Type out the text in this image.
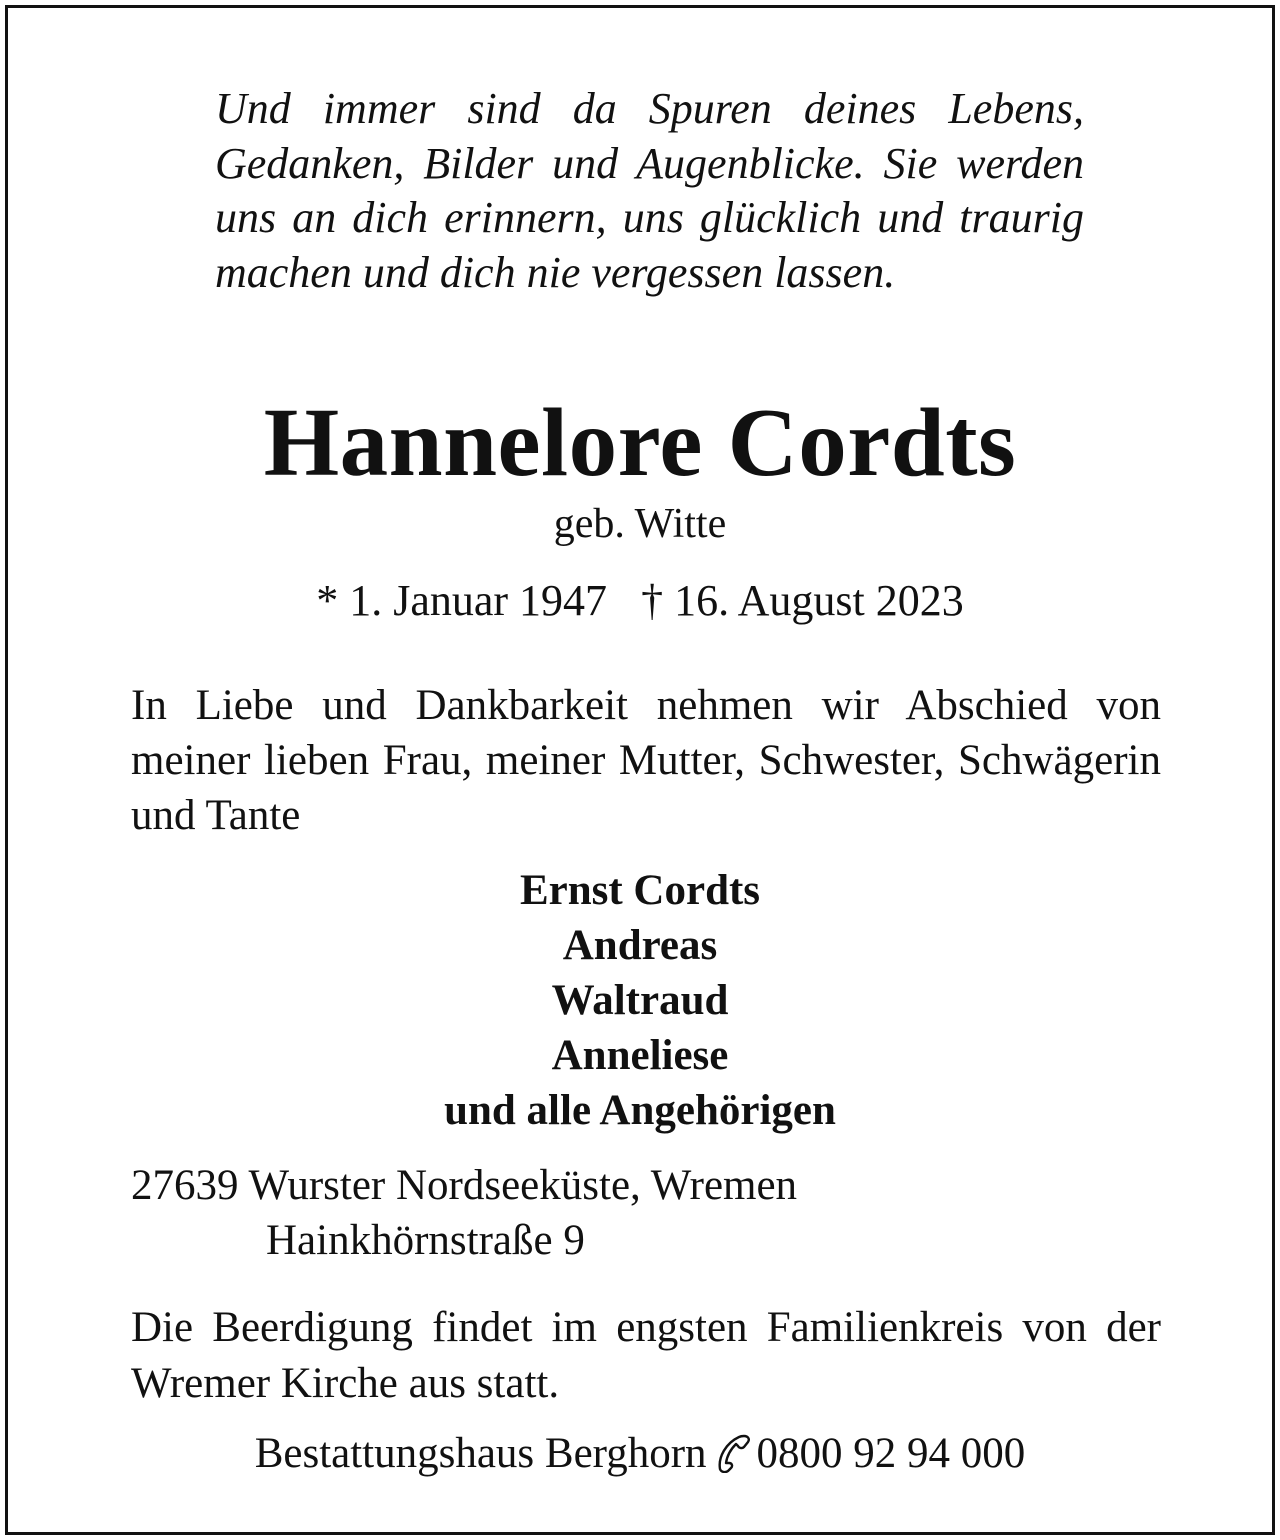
Und immer sind da Spuren deines Lebens, Gedanken, Bilder und Augenblicke. Sie werden uns an dich erinnern, uns glücklich und traurig machen und dich nie vergessen lassen.

Hannelore Cordts
geb. Witte
* 1. Januar 1947 † 16. August 2023

In Liebe und Dankbarkeit nehmen wir Abschied von meiner lieben Frau, meiner Mutter, Schwester, Schwägerin und Tante

Ernst Cordts
Andreas
Waltraud
Anneliese
und alle Angehörigen
27639 Wurster Nordseeküste, Wremen
Hainkhörnstraße 9

Die Beerdigung findet im engsten Familienkreis von der Wremer Kirche aus statt.

Bestattungshaus Berghorn 0800 92 94 000
